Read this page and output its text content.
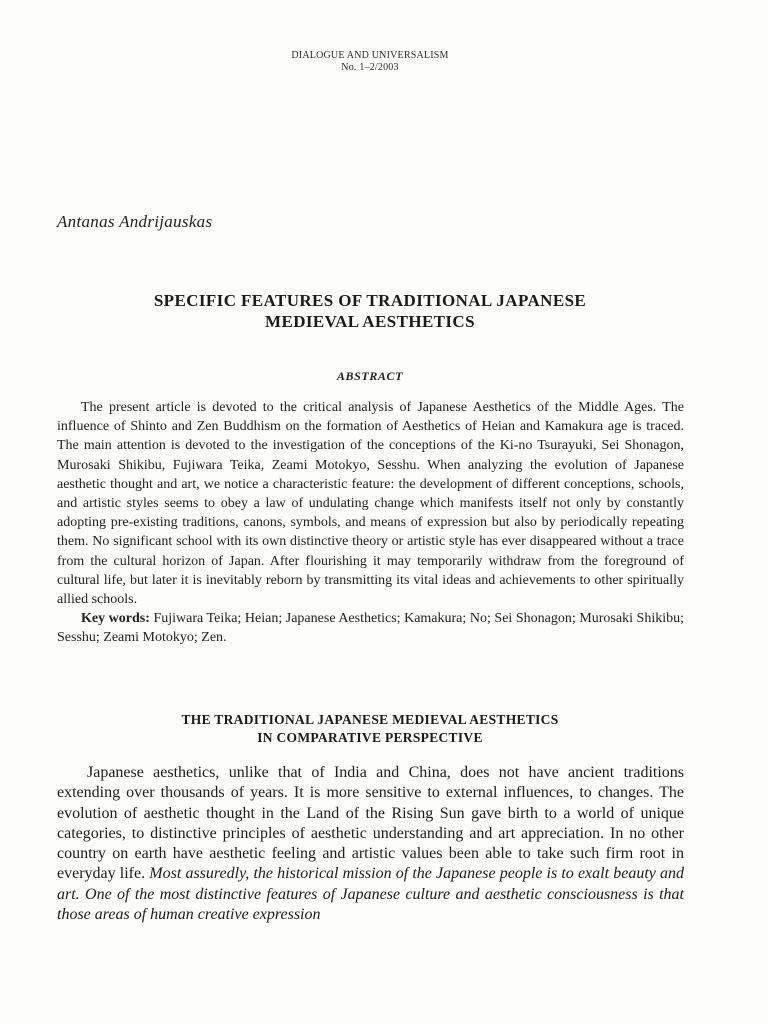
DIALOGUE AND UNIVERSALISM
No. 1–2/2003
Antanas Andrijauskas
SPECIFIC FEATURES OF TRADITIONAL JAPANESE
MEDIEVAL AESTHETICS
ABSTRACT

The present article is devoted to the critical analysis of Japanese Aesthetics of the Middle Ages. The influence of Shinto and Zen Buddhism on the formation of Aesthetics of Heian and Kamakura age is traced. The main attention is devoted to the investigation of the conceptions of the Ki-no Tsurayuki, Sei Shonagon, Murosaki Shikibu, Fujiwara Teika, Zeami Motokyo, Sesshu. When analyzing the evolution of Japanese aesthetic thought and art, we notice a characteristic feature: the development of different conceptions, schools, and artistic styles seems to obey a law of undulating change which manifests itself not only by constantly adopting pre-existing traditions, canons, symbols, and means of expression but also by periodically repeating them. No significant school with its own distinctive theory or artistic style has ever disappeared without a trace from the cultural horizon of Japan. After flourishing it may temporarily withdraw from the foreground of cultural life, but later it is inevitably reborn by transmitting its vital ideas and achievements to other spiritually allied schools.

Key words: Fujiwara Teika; Heian; Japanese Aesthetics; Kamakura; No; Sei Shonagon; Murosaki Shikibu; Sesshu; Zeami Motokyo; Zen.

THE TRADITIONAL JAPANESE MEDIEVAL AESTHETICS
IN COMPARATIVE PERSPECTIVE

Japanese aesthetics, unlike that of India and China, does not have ancient traditions extending over thousands of years. It is more sensitive to external influences, to changes. The evolution of aesthetic thought in the Land of the Rising Sun gave birth to a world of unique categories, to distinctive principles of aesthetic understanding and art appreciation. In no other country on earth have aesthetic feeling and artistic values been able to take such firm root in everyday life. Most assuredly, the historical mission of the Japanese people is to exalt beauty and art. One of the most distinctive features of Japanese culture and aesthetic consciousness is that those areas of human creative expression
